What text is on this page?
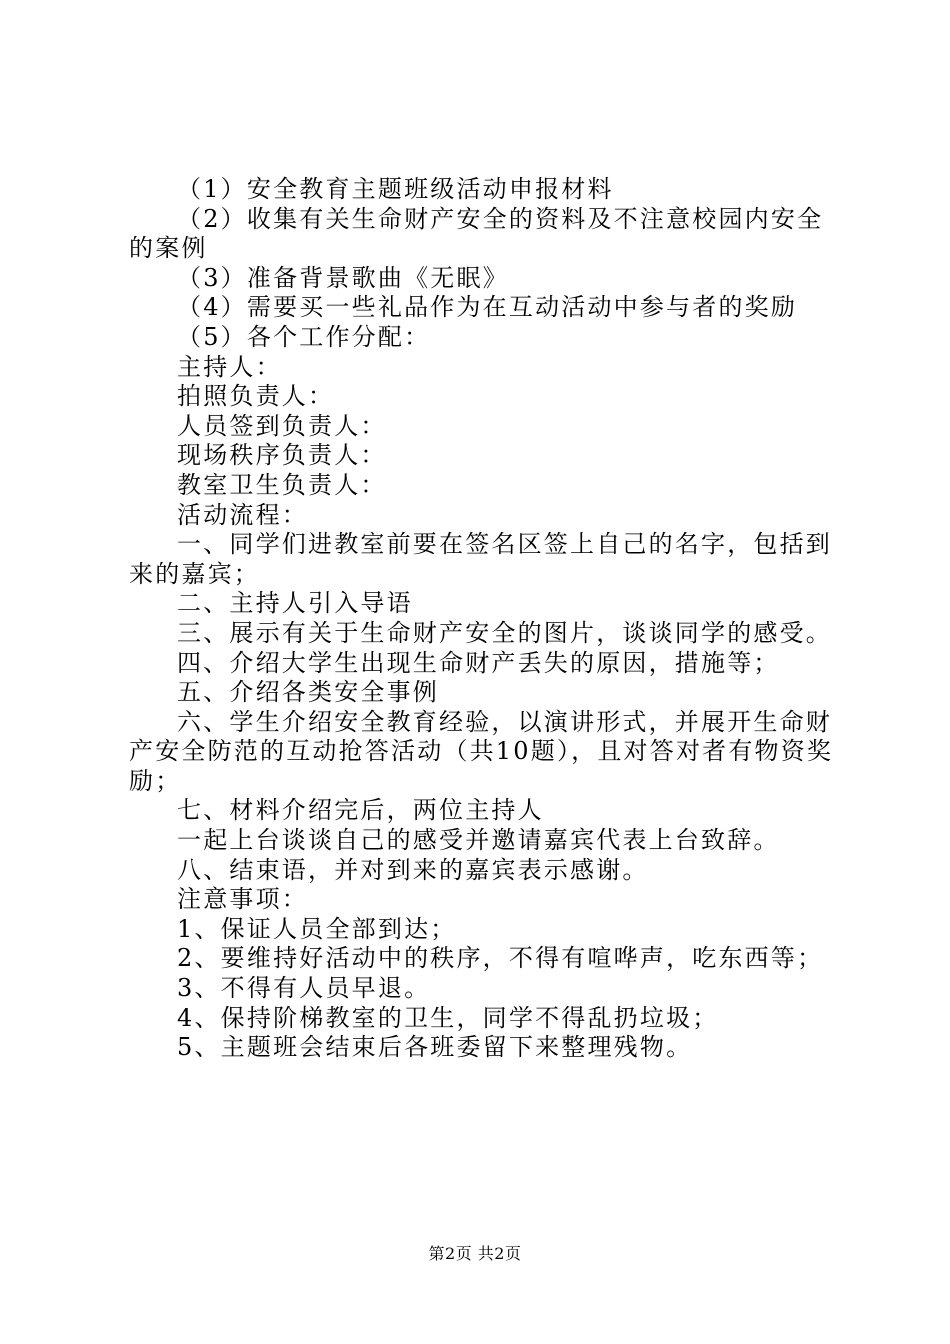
（1）安全教育主题班级活动申报材料

（2）收集有关生命财产安全的资料及不注意校园内安全的案例

（3）准备背景歌曲《无眠》

（4）需要买一些礼品作为在互动活动中参与者的奖励

（5）各个工作分配：

主持人：

拍照负责人：

人员签到负责人：

现场秩序负责人：

教室卫生负责人：

活动流程：

一、同学们进教室前要在签名区签上自己的名字，包括到来的嘉宾；

二、主持人引入导语

三、展示有关于生命财产安全的图片，谈谈同学的感受。

四、介绍大学生出现生命财产丢失的原因，措施等；

五、介绍各类安全事例

六、学生介绍安全教育经验，以演讲形式，并展开生命财产安全防范的互动抢答活动（共10题），且对答对者有物资奖励；

七、材料介绍完后，两位主持人

一起上台谈谈自己的感受并邀请嘉宾代表上台致辞。

八、结束语，并对到来的嘉宾表示感谢。

注意事项：

1、保证人员全部到达；

2、要维持好活动中的秩序，不得有喧哗声，吃东西等；

3、不得有人员早退。

4、保持阶梯教室的卫生，同学不得乱扔垃圾；

5、主题班会结束后各班委留下来整理残物。

第2页 共2页
